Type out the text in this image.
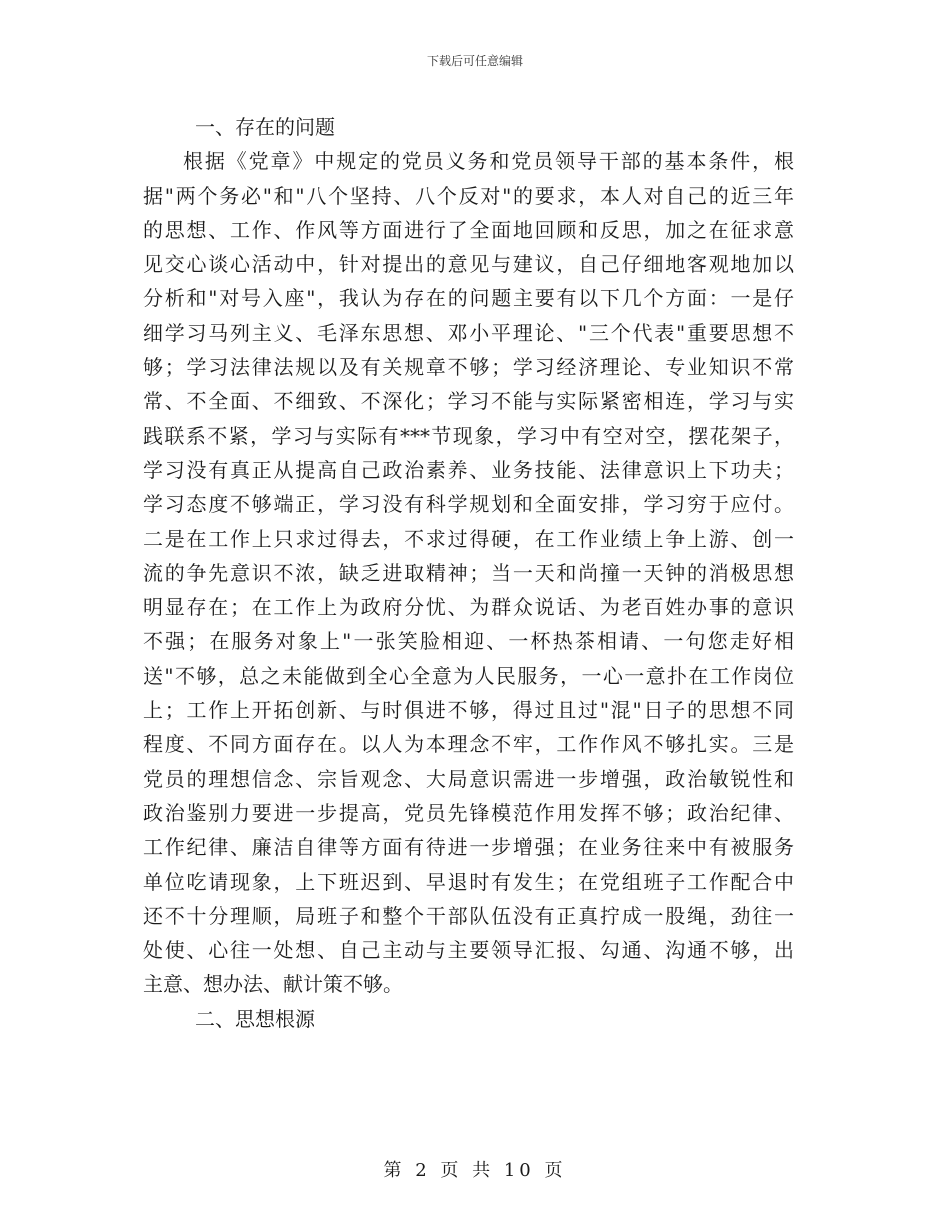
下载后可任意编辑
一、存在的问题
根据《党章》中规定的党员义务和党员领导干部的基本条件，根
据"两个务必"和"八个坚持、八个反对"的要求，本人对自己的近三年
的思想、工作、作风等方面进行了全面地回顾和反思，加之在征求意
见交心谈心活动中，针对提出的意见与建议，自己仔细地客观地加以
分析和"对号入座"，我认为存在的问题主要有以下几个方面：一是仔
细学习马列主义、毛泽东思想、邓小平理论、"三个代表"重要思想不
够；学习法律法规以及有关规章不够；学习经济理论、专业知识不常
常、不全面、不细致、不深化；学习不能与实际紧密相连，学习与实
践联系不紧，学习与实际有***节现象，学习中有空对空，摆花架子，
学习没有真正从提高自己政治素养、业务技能、法律意识上下功夫；
学习态度不够端正，学习没有科学规划和全面安排，学习穷于应付。
二是在工作上只求过得去，不求过得硬，在工作业绩上争上游、创一
流的争先意识不浓，缺乏进取精神；当一天和尚撞一天钟的消极思想
明显存在；在工作上为政府分忧、为群众说话、为老百姓办事的意识
不强；在服务对象上"一张笑脸相迎、一杯热茶相请、一句您走好相
送"不够，总之未能做到全心全意为人民服务，一心一意扑在工作岗位
上；工作上开拓创新、与时俱进不够，得过且过"混"日子的思想不同
程度、不同方面存在。以人为本理念不牢，工作作风不够扎实。三是
党员的理想信念、宗旨观念、大局意识需进一步增强，政治敏锐性和
政治鉴别力要进一步提高，党员先锋模范作用发挥不够；政治纪律、
工作纪律、廉洁自律等方面有待进一步增强；在业务往来中有被服务
单位吃请现象，上下班迟到、早退时有发生；在党组班子工作配合中
还不十分理顺，局班子和整个干部队伍没有正真拧成一股绳，劲往一
处使、心往一处想、自己主动与主要领导汇报、勾通、沟通不够，出
主意、想办法、献计策不够。
二、思想根源
第 2 页 共 10 页
